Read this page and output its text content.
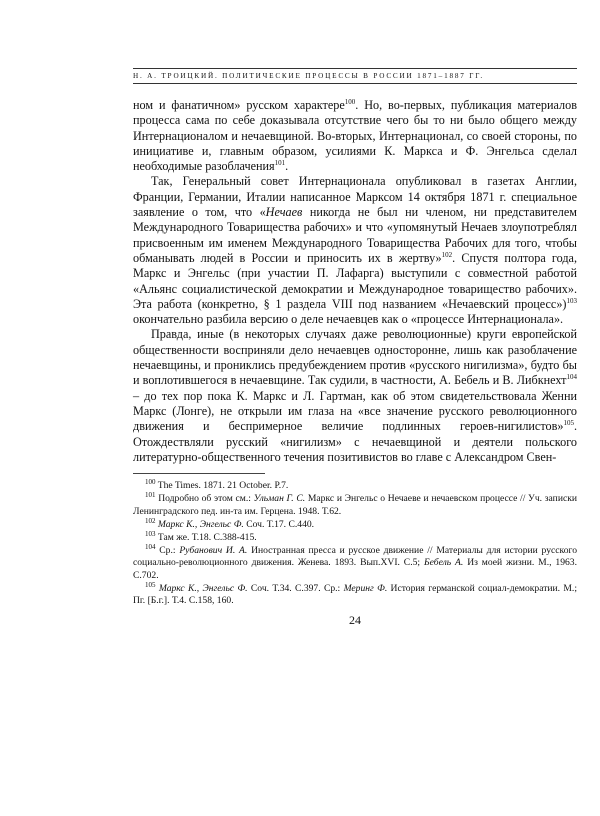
Н. А. ТРОИЦКИЙ. ПОЛИТИЧЕСКИЕ ПРОЦЕССЫ В РОССИИ 1871–1887 ГГ.

ном и фанатичном» русском характере$^{100}$. Но, во-первых, публикация материалов процесса сама по себе доказывала отсутствие чего бы то ни было общего между Интернационалом и нечаевщиной. Во-вторых, Интернационал, со своей стороны, по инициативе и, главным образом, усилиями К. Маркса и Ф. Энгельса сделал необходимые разоблачения$^{101}$.

Так, Генеральный совет Интернационала опубликовал в газетах Англии, Франции, Германии, Италии написанное Марксом 14 октября 1871 г. специальное заявление о том, что «Нечаев никогда не был ни членом, ни представителем Международного Товарищества рабочих» и что «упомянутый Нечаев злоупотреблял присвоенным им именем Международного Товарищества Рабочих для того, чтобы обманывать людей в России и приносить их в жертву»$^{102}$. Спустя полтора года, Маркс и Энгельс (при участии П. Лафарга) выступили с совместной работой «Альянс социалистической демократии и Международное товарищество рабочих». Эта работа (конкретно, § 1 раздела VIII под названием «Нечаевский процесс»)$^{103}$ окончательно разбила версию о деле нечаевцев как о «процессе Интернационала».

Правда, иные (в некоторых случаях даже революционные) круги европейской общественности восприняли дело нечаевцев односторонне, лишь как разоблачение нечаевщины, и прониклись предубеждением против «русского нигилизма», будто бы и воплотившегося в нечаевщине. Так судили, в частности, А. Бебель и В. Либкнехт$^{104}$ – до тех пор пока К. Маркс и Л. Гартман, как об этом свидетельствовала Женни Маркс (Лонге), не открыли им глаза на «все значение русского революционного движения и беспримерное величие подлинных героев-нигилистов»$^{105}$. Отождествляли русский «нигилизм» с нечаевщиной и деятели польского литературно-общественного течения позитивистов во главе с Александром Свен-

$^{100}$ The Times. 1871. 21 October. P.7.

$^{101}$ Подробно об этом см.: Ульман Г. С. Маркс и Энгельс о Нечаеве и нечаевском процессе // Уч. записки Ленинградского пед. ин-та им. Герцена. 1948. Т.62.

$^{102}$ Маркс К., Энгельс Ф. Соч. Т.17. С.440.

$^{103}$ Там же. Т.18. С.388-415.

$^{104}$ Ср.: Рубанович И. А. Иностранная пресса и русское движение // Материалы для истории русского социально-революционного движения. Женева. 1893. Вып.XVI. С.5; Бебель А. Из моей жизни. М., 1963. С.702.

$^{105}$ Маркс К., Энгельс Ф. Соч. Т.34. С.397. Ср.: Меринг Ф. История германской социал-демократии. М.; Пг. [Б.г.]. Т.4. С.158, 160.

24
